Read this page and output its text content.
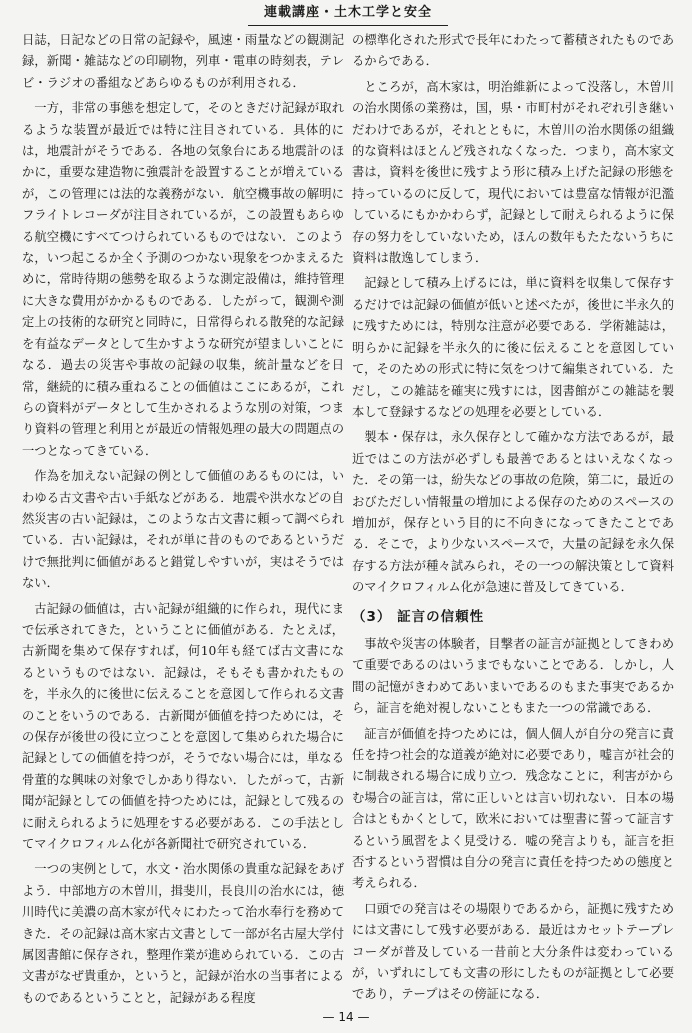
連載講座・土木工学と安全

日誌，日記などの日常の記録や，風速・雨量などの観測記録，新聞・雑誌などの印刷物，列車・電車の時刻表，テレビ・ラジオの番組などあらゆるものが利用される．

一方，非常の事態を想定して，そのときだけ記録が取れるような装置が最近では特に注目されている．具体的には，地震計がそうである．各地の気象台にある地震計のほかに，重要な建造物に強震計を設置することが増えているが，この管理には法的な義務がない．航空機事故の解明にフライトレコーダが注目されているが，この設置もあらゆる航空機にすべてつけられているものではない．このような，いつ起こるか全く予測のつかない現象をつかまえるために，常時待期の態勢を取るような測定設備は，維持管理に大きな費用がかかるものである．したがって，観測や測定上の技術的な研究と同時に，日常得られる散発的な記録を有益なデータとして生かすような研究が望ましいことになる．過去の災害や事故の記録の収集，統計量などを日常，継続的に積み重ねることの価値はここにあるが，これらの資料がデータとして生かされるような別の対策，つまり資料の管理と利用とが最近の情報処理の最大の問題点の一つとなってきている．

作為を加えない記録の例として価値のあるものには，いわゆる古文書や古い手紙などがある．地震や洪水などの自然災害の古い記録は，このような古文書に頼って調べられている．古い記録は，それが単に昔のものであるというだけで無批判に価値があると錯覚しやすいが，実はそうではない．

古記録の価値は，古い記録が組織的に作られ，現代にまで伝承されてきた，ということに価値がある．たとえば，古新聞を集めて保存すれば，何10年も経てば古文書になるというものではない．記録は，そもそも書かれたものを，半永久的に後世に伝えることを意図して作られる文書のことをいうのである．古新聞が価値を持つためには，その保存が後世の役に立つことを意図して集められた場合に記録としての価値を持つが，そうでない場合には，単なる骨董的な興味の対象でしかあり得ない．したがって，古新聞が記録としての価値を持つためには，記録として残るのに耐えられるように処理をする必要がある．この手法としてマイクロフィルム化が各新聞社で研究されている．

一つの実例として，水文・治水関係の貴重な記録をあげよう．中部地方の木曽川，揖斐川，長良川の治水には，徳川時代に美濃の高木家が代々にわたって治水奉行を務めてきた．その記録は高木家古文書として一部が名古屋大学付属図書館に保存され，整理作業が進められている．この古文書がなぜ貴重か，というと，記録が治水の当事者によるものであるということと，記録がある程度

の標準化された形式で長年にわたって蓄積されたものであるからである．

ところが，高木家は，明治維新によって没落し，木曽川の治水関係の業務は，国，県・市町村がそれぞれ引き継いだわけであるが，それとともに，木曽川の治水関係の組織的な資料はほとんど残されなくなった．つまり，高木家文書は，資料を後世に残すよう形に積み上げた記録の形態を持っているのに反して，現代においては豊富な情報が氾濫しているにもかかわらず，記録として耐えられるように保存の努力をしていないため，ほんの数年もたたないうちに資料は散逸してしまう．

記録として積み上げるには，単に資料を収集して保存するだけでは記録の価値が低いと述べたが，後世に半永久的に残すためには，特別な注意が必要である．学術雑誌は，明らかに記録を半永久的に後に伝えることを意図していて，そのための形式に特に気をつけて編集されている．ただし，この雑誌を確実に残すには，図書館がこの雑誌を製本して登録するなどの処理を必要としている．

製本・保存は，永久保存として確かな方法であるが，最近ではこの方法が必ずしも最善であるとはいえなくなった．その第一は，紛失などの事故の危険，第二に，最近のおびただしい情報量の増加による保存のためのスペースの増加が，保存という目的に不向きになってきたことである．そこで，より少ないスペースで，大量の記録を永久保存する方法が種々試みられ，その一つの解決策として資料のマイクロフィルム化が急速に普及してきている．

（3） 証言の信頼性

事故や災害の体験者，目撃者の証言が証拠としてきわめて重要であるのはいうまでもないことである．しかし，人間の記憶がきわめてあいまいであるのもまた事実であるから，証言を絶対視しないこともまた一つの常識である．

証言が価値を持つためには，個人個人が自分の発言に責任を持つ社会的な道義が絶対に必要であり，嘘言が社会的に制裁される場合に成り立つ．残念なことに，利害がからむ場合の証言は，常に正しいとは言い切れない．日本の場合はともかくとして，欧米においては聖書に誓って証言するという風習をよく見受ける．嘘の発言よりも，証言を拒否するという習慣は自分の発言に責任を持つための態度と考えられる．

口頭での発言はその場限りであるから，証拠に残すためには文書にして残す必要がある．最近はカセットテープレコーダが普及している一昔前と大分条件は変わっているが，いずれにしても文書の形にしたものが証拠として必要であり，テープはその傍証になる．

— 14 —
